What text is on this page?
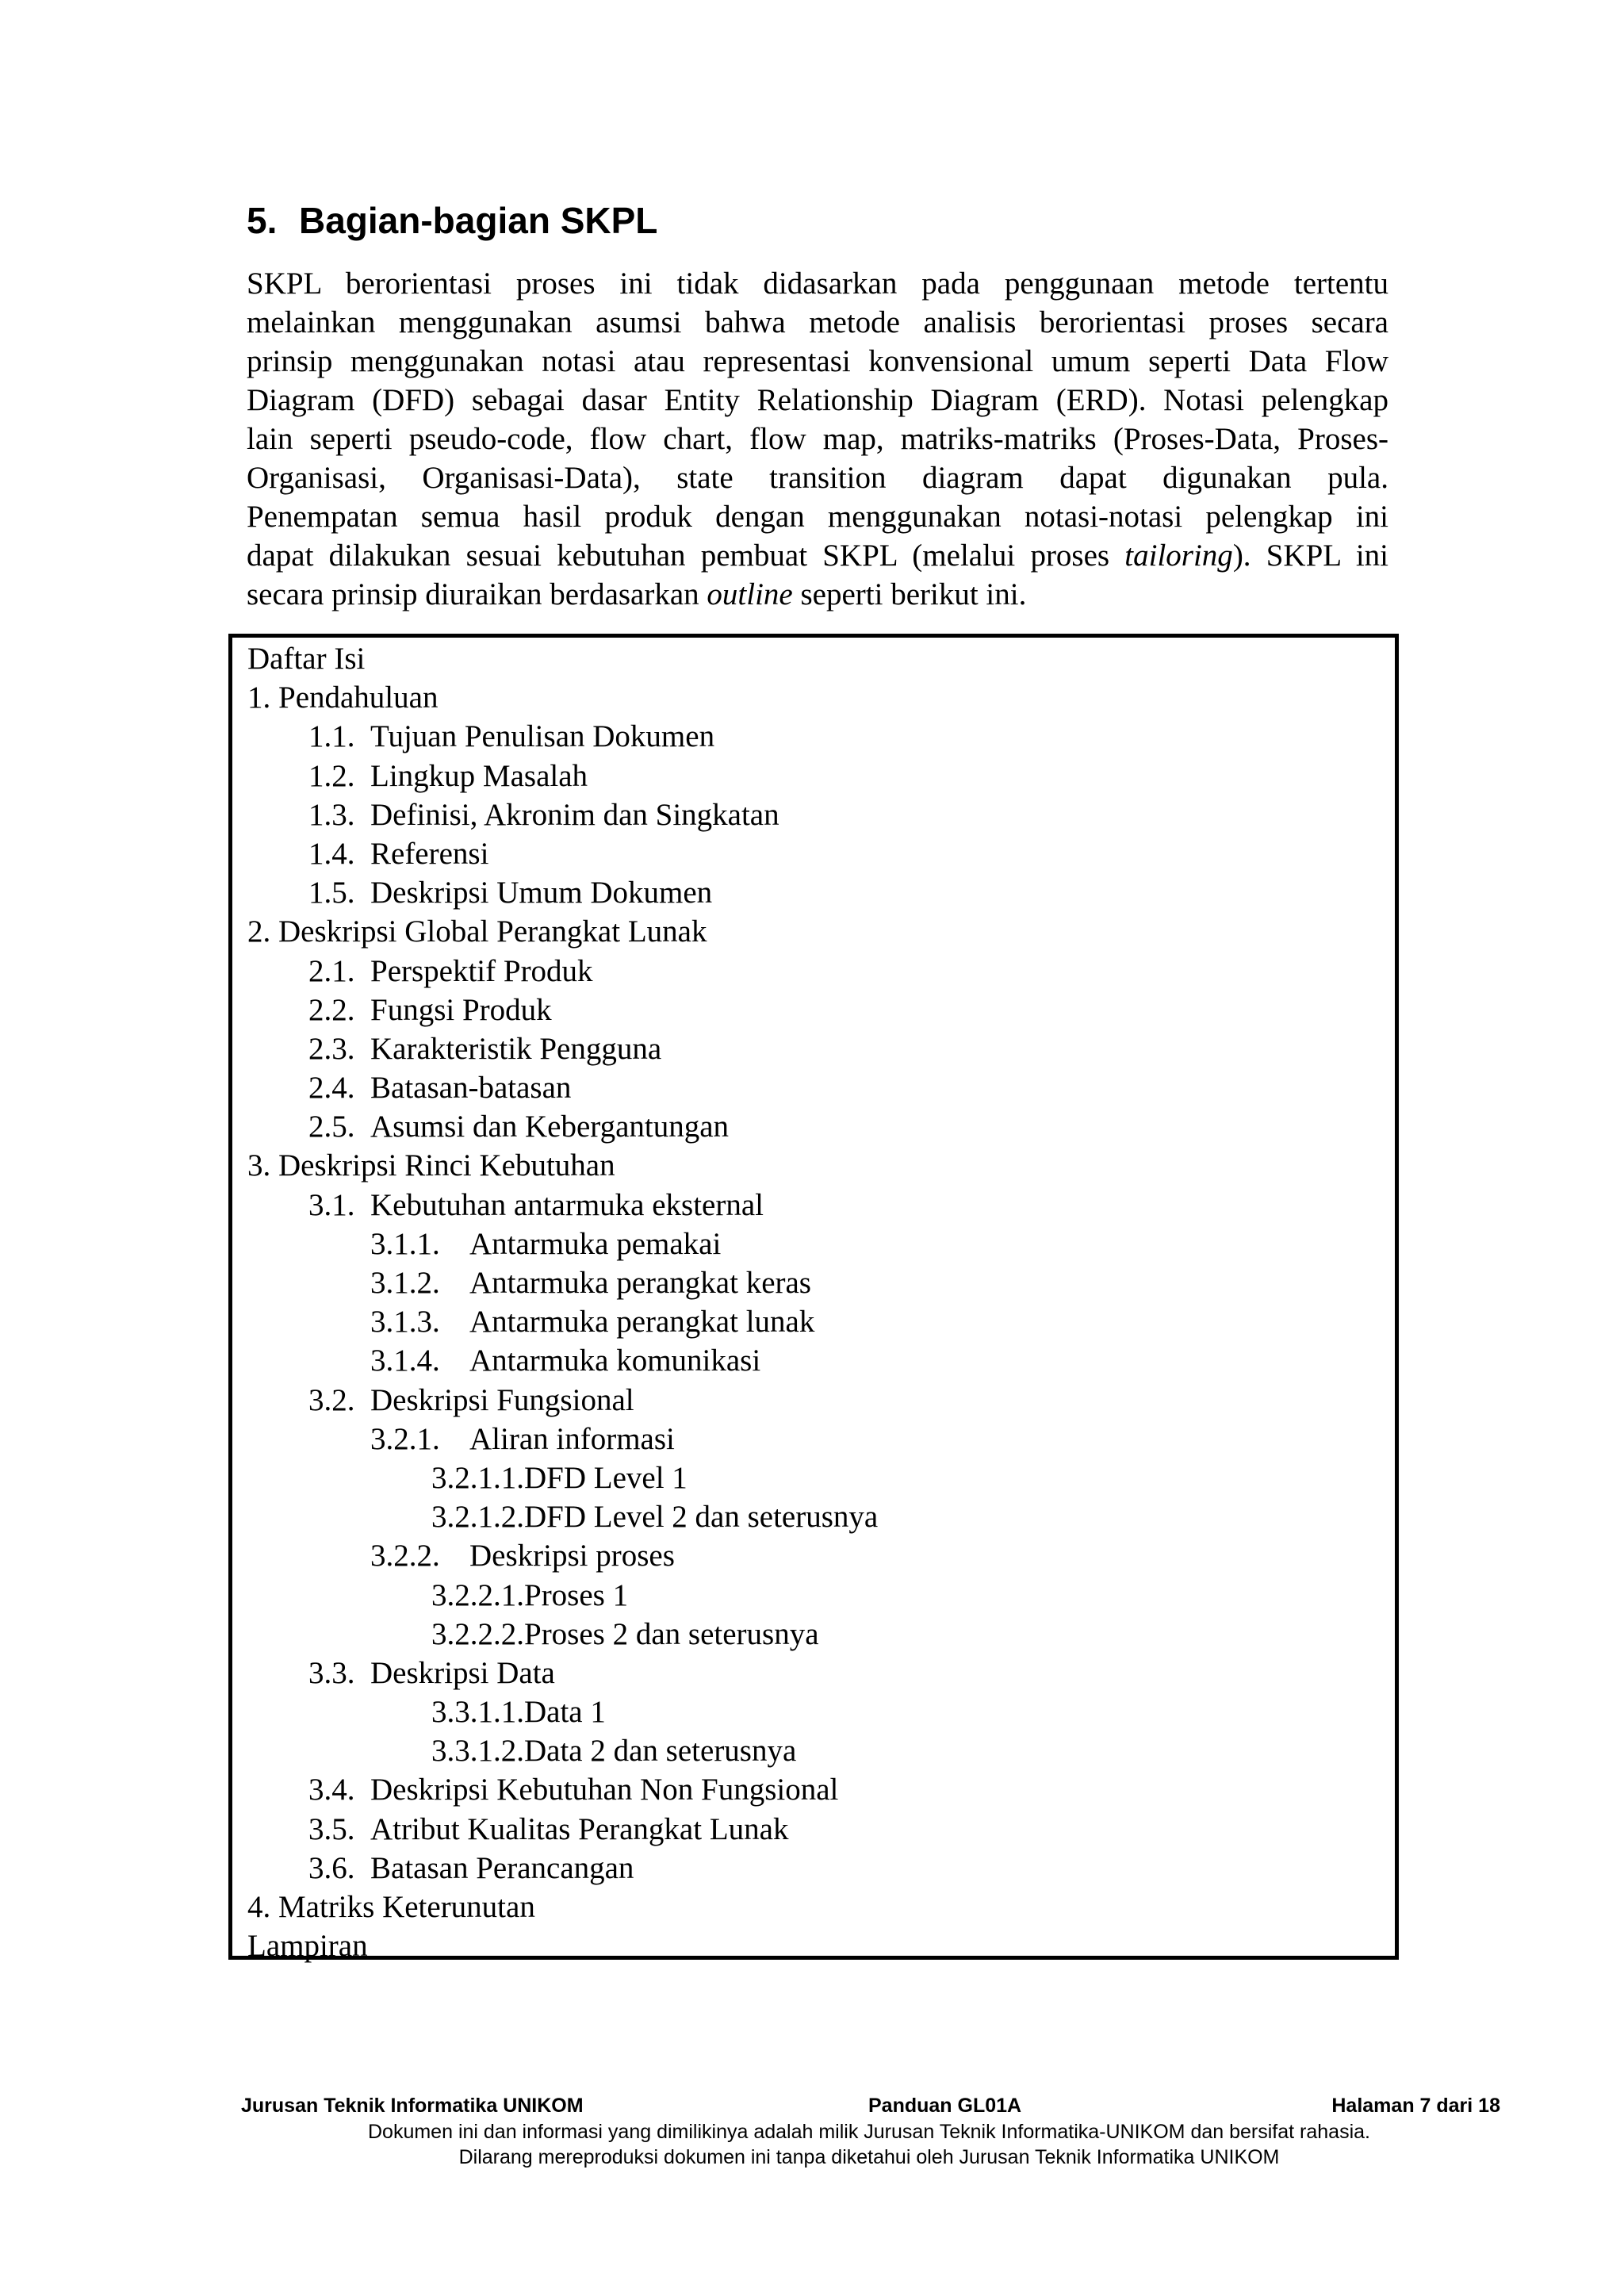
5. Bagian-bagian SKPL
SKPL berorientasi proses ini tidak didasarkan pada penggunaan metode tertentu
melainkan menggunakan asumsi bahwa metode analisis berorientasi proses secara
prinsip menggunakan notasi atau representasi konvensional umum seperti Data Flow
Diagram (DFD) sebagai dasar Entity Relationship Diagram (ERD). Notasi pelengkap
lain seperti pseudo-code, flow chart, flow map, matriks-matriks (Proses-Data, Proses-
Organisasi, Organisasi-Data), state transition diagram dapat digunakan pula.
Penempatan semua hasil produk dengan menggunakan notasi-notasi pelengkap ini
dapat dilakukan sesuai kebutuhan pembuat SKPL (melalui proses tailoring). SKPL ini
secara prinsip diuraikan berdasarkan outline seperti berikut ini.
Daftar Isi
1. Pendahuluan
1.1. Tujuan Penulisan Dokumen
1.2. Lingkup Masalah
1.3. Definisi, Akronim dan Singkatan
1.4. Referensi
1.5. Deskripsi Umum Dokumen
2. Deskripsi Global Perangkat Lunak
2.1. Perspektif Produk
2.2. Fungsi Produk
2.3. Karakteristik Pengguna
2.4. Batasan-batasan
2.5. Asumsi dan Kebergantungan
3. Deskripsi Rinci Kebutuhan
3.1. Kebutuhan antarmuka eksternal
3.1.1. Antarmuka pemakai
3.1.2. Antarmuka perangkat keras
3.1.3. Antarmuka perangkat lunak
3.1.4. Antarmuka komunikasi
3.2. Deskripsi Fungsional
3.2.1. Aliran informasi
3.2.1.1.DFD Level 1
3.2.1.2.DFD Level 2 dan seterusnya
3.2.2. Deskripsi proses
3.2.2.1.Proses 1
3.2.2.2.Proses 2 dan seterusnya
3.3. Deskripsi Data
3.3.1.1.Data 1
3.3.1.2.Data 2 dan seterusnya
3.4. Deskripsi Kebutuhan Non Fungsional
3.5. Atribut Kualitas Perangkat Lunak
3.6. Batasan Perancangan
4. Matriks Keterunutan
Lampiran
Jurusan Teknik Informatika UNIKOM	Panduan GL01A	Halaman 7 dari 18
Dokumen ini dan informasi yang dimilikinya adalah milik Jurusan Teknik Informatika-UNIKOM dan bersifat rahasia.
Dilarang mereproduksi dokumen ini tanpa diketahui oleh Jurusan Teknik Informatika UNIKOM
